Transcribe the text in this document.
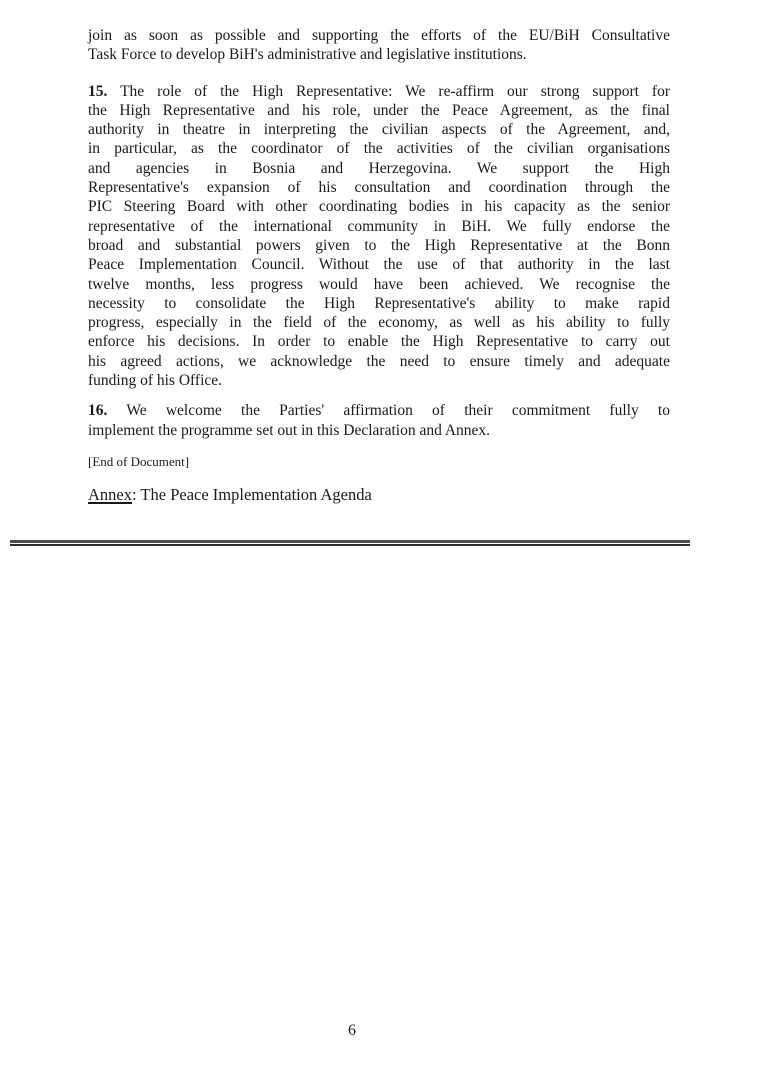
join as soon as possible and supporting the efforts of the EU/BiH Consultative
Task Force to develop BiH's administrative and legislative institutions.
15. The role of the High Representative: We re-affirm our strong support for
the High Representative and his role, under the Peace Agreement, as the final
authority in theatre in interpreting the civilian aspects of the Agreement, and,
in particular, as the coordinator of the activities of the civilian organisations
and agencies in Bosnia and Herzegovina. We support the High
Representative's expansion of his consultation and coordination through the
PIC Steering Board with other coordinating bodies in his capacity as the senior
representative of the international community in BiH. We fully endorse the
broad and substantial powers given to the High Representative at the Bonn
Peace Implementation Council. Without the use of that authority in the last
twelve months, less progress would have been achieved. We recognise the
necessity to consolidate the High Representative's ability to make rapid
progress, especially in the field of the economy, as well as his ability to fully
enforce his decisions. In order to enable the High Representative to carry out
his agreed actions, we acknowledge the need to ensure timely and adequate
funding of his Office.
16. We welcome the Parties' affirmation of their commitment fully to
implement the programme set out in this Declaration and Annex.
[End of Document]
Annex: The Peace Implementation Agenda
6
